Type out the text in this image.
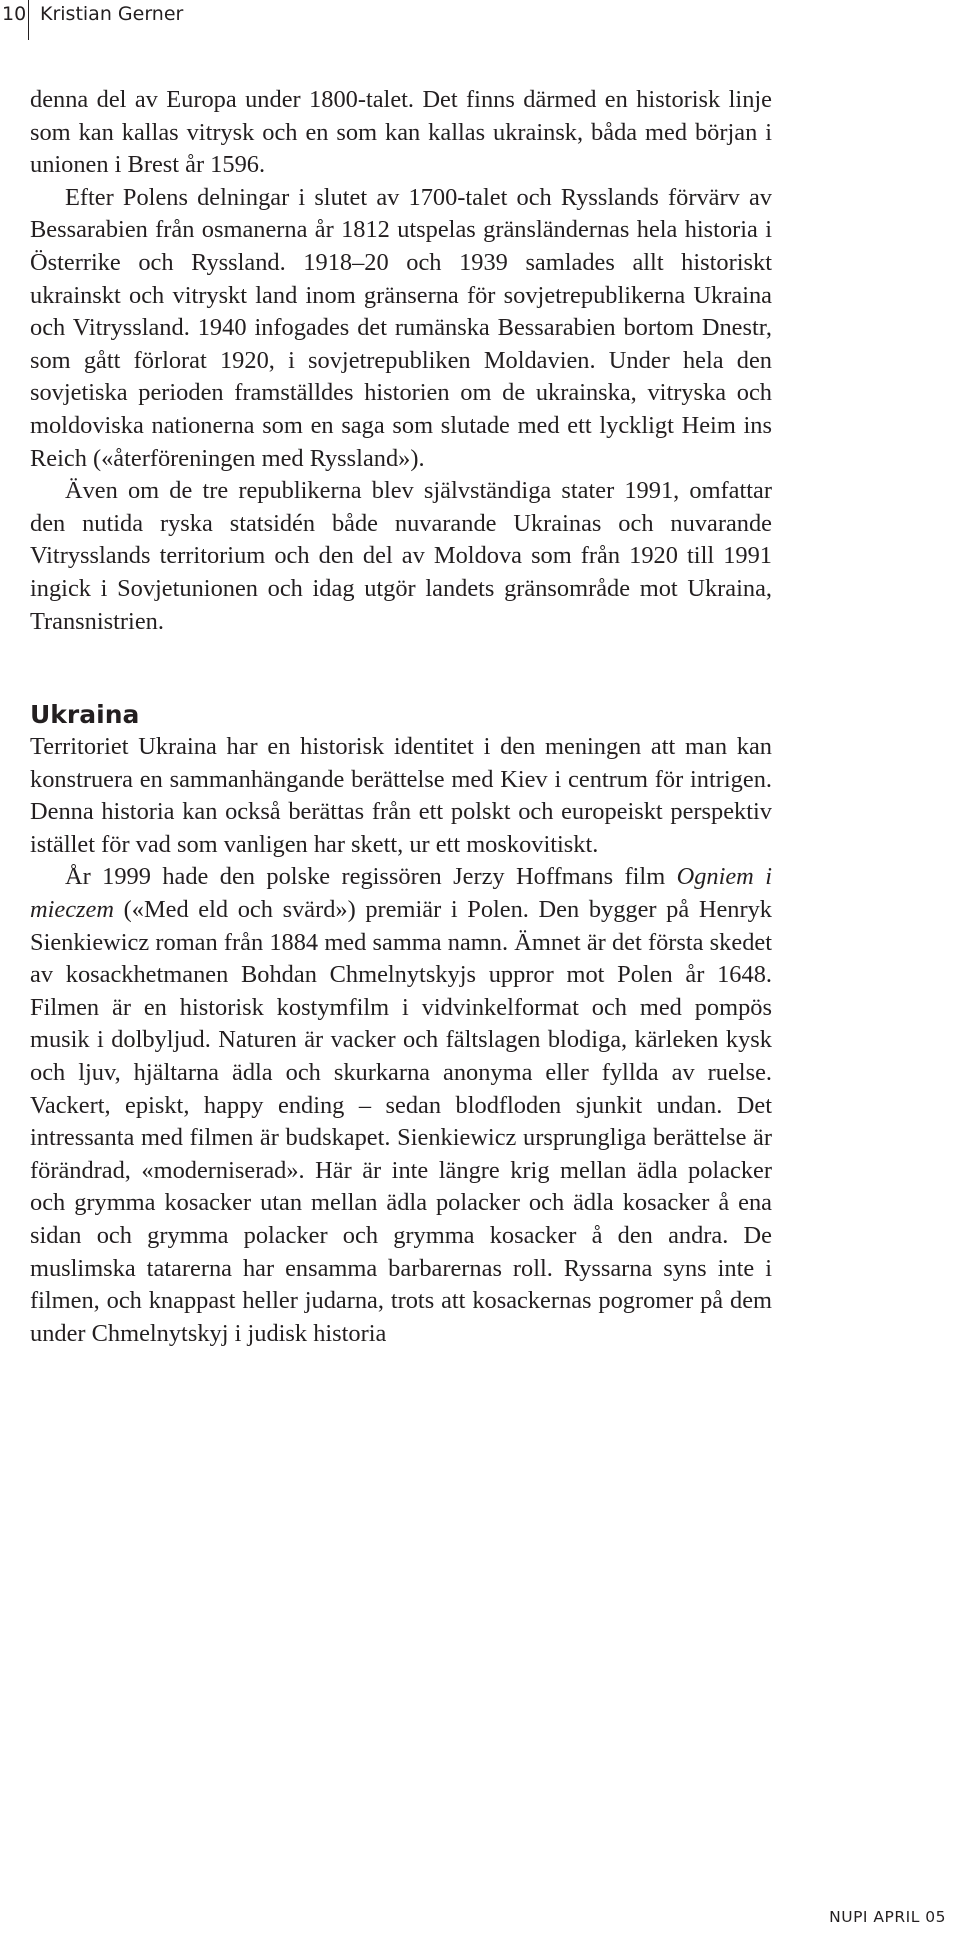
10 Kristian Gerner

denna del av Europa under 1800-talet. Det finns därmed en historisk linje som kan kallas vitrysk och en som kan kallas ukrainsk, båda med början i unionen i Brest år 1596.

Efter Polens delningar i slutet av 1700-talet och Rysslands förvärv av Bessarabien från osmanerna år 1812 utspelas gränsländernas hela historia i Österrike och Ryssland. 1918–20 och 1939 samlades allt historiskt ukrainskt och vitryskt land inom gränserna för sovjetrepublikerna Ukraina och Vitryssland. 1940 infogades det rumänska Bessarabien bortom Dnestr, som gått förlorat 1920, i sovjetrepubliken Moldavien. Under hela den sovjetiska perioden framställdes historien om de ukrainska, vitryska och moldoviska nationerna som en saga som slutade med ett lyckligt Heim ins Reich («återföreningen med Ryssland»).

Även om de tre republikerna blev självständiga stater 1991, omfattar den nutida ryska statsidén både nuvarande Ukrainas och nuvarande Vitrysslands territorium och den del av Moldova som från 1920 till 1991 ingick i Sovjetunionen och idag utgör landets gränsområde mot Ukraina, Transnistrien.

Ukraina

Territoriet Ukraina har en historisk identitet i den meningen att man kan konstruera en sammanhängande berättelse med Kiev i centrum för intrigen. Denna historia kan också berättas från ett polskt och europeiskt perspektiv istället för vad som vanligen har skett, ur ett moskovitiskt.

År 1999 hade den polske regissören Jerzy Hoffmans film Ogniem i mieczem («Med eld och svärd») premiär i Polen. Den bygger på Henryk Sienkiewicz roman från 1884 med samma namn. Ämnet är det första skedet av kosackhetmanen Bohdan Chmelnytskyjs uppror mot Polen år 1648. Filmen är en historisk kostymfilm i vidvinkelformat och med pompös musik i dolbyljud. Naturen är vacker och fältslagen blodiga, kärleken kysk och ljuv, hjältarna ädla och skurkarna anonyma eller fyllda av ruelse. Vackert, episkt, happy ending – sedan blodfloden sjunkit undan. Det intressanta med filmen är budskapet. Sienkiewicz ursprungliga berättelse är förändrad, «moderniserad». Här är inte längre krig mellan ädla polacker och grymma kosacker utan mellan ädla polacker och ädla kosacker å ena sidan och grymma polacker och grymma kosacker å den andra. De muslimska tatarerna har ensamma barbarernas roll. Ryssarna syns inte i filmen, och knappast heller judarna, trots att kosackernas pogromer på dem under Chmelnytskyj i judisk historia

NUPI APRIL 05
